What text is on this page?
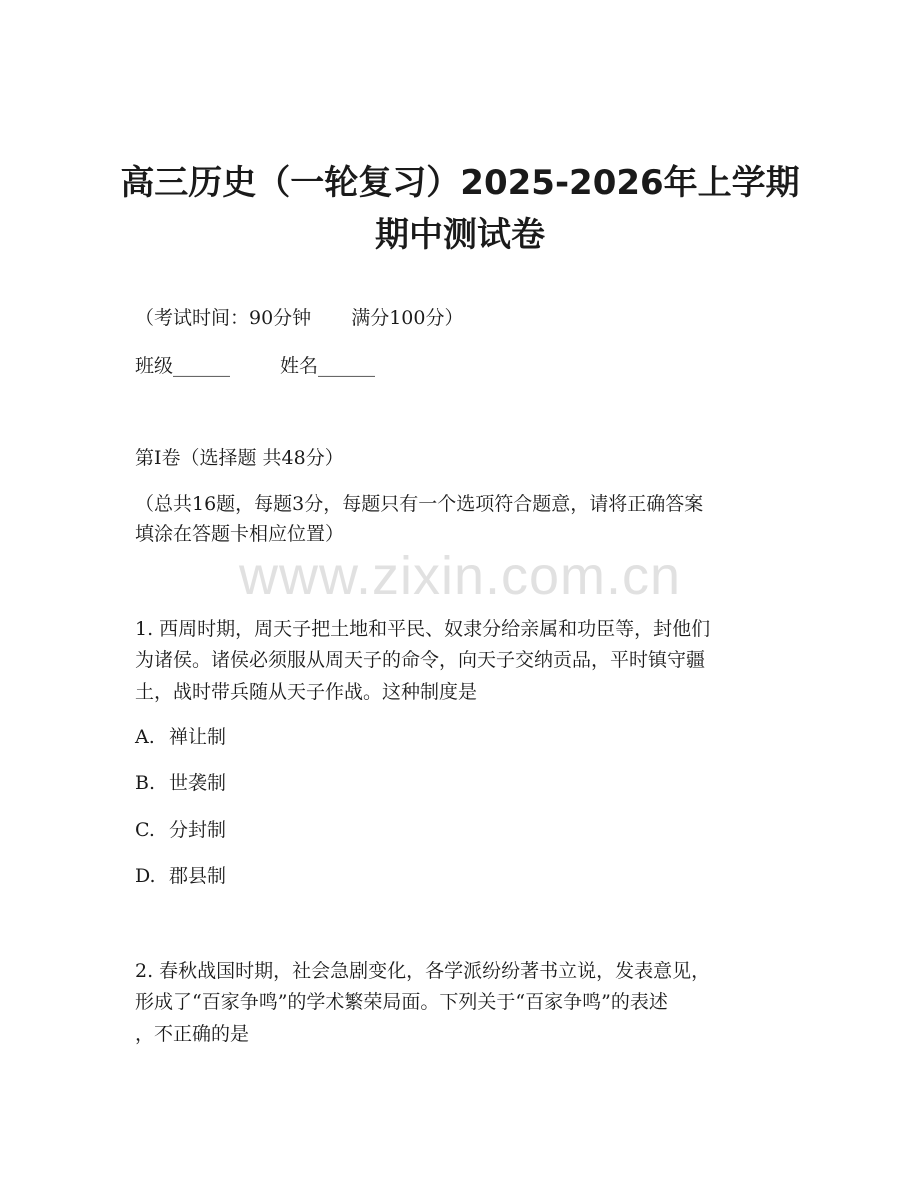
高三历史（一轮复习）2025-2026年上学期
期中测试卷
（考试时间：90分钟 满分100分）
班级______	姓名______
第I卷（选择题 共48分）
（总共16题，每题3分，每题只有一个选项符合题意，请将正确答案
填涂在答题卡相应位置）
www.zixin.com.cn
1. 西周时期，周天子把土地和平民、奴隶分给亲属和功臣等，封他们
为诸侯。诸侯必须服从周天子的命令，向天子交纳贡品，平时镇守疆
土，战时带兵随从天子作战。这种制度是
A. 禅让制
B. 世袭制
C. 分封制
D. 郡县制
2. 春秋战国时期，社会急剧变化，各学派纷纷著书立说，发表意见，
形成了“百家争鸣”的学术繁荣局面。下列关于“百家争鸣”的表述
，不正确的是
